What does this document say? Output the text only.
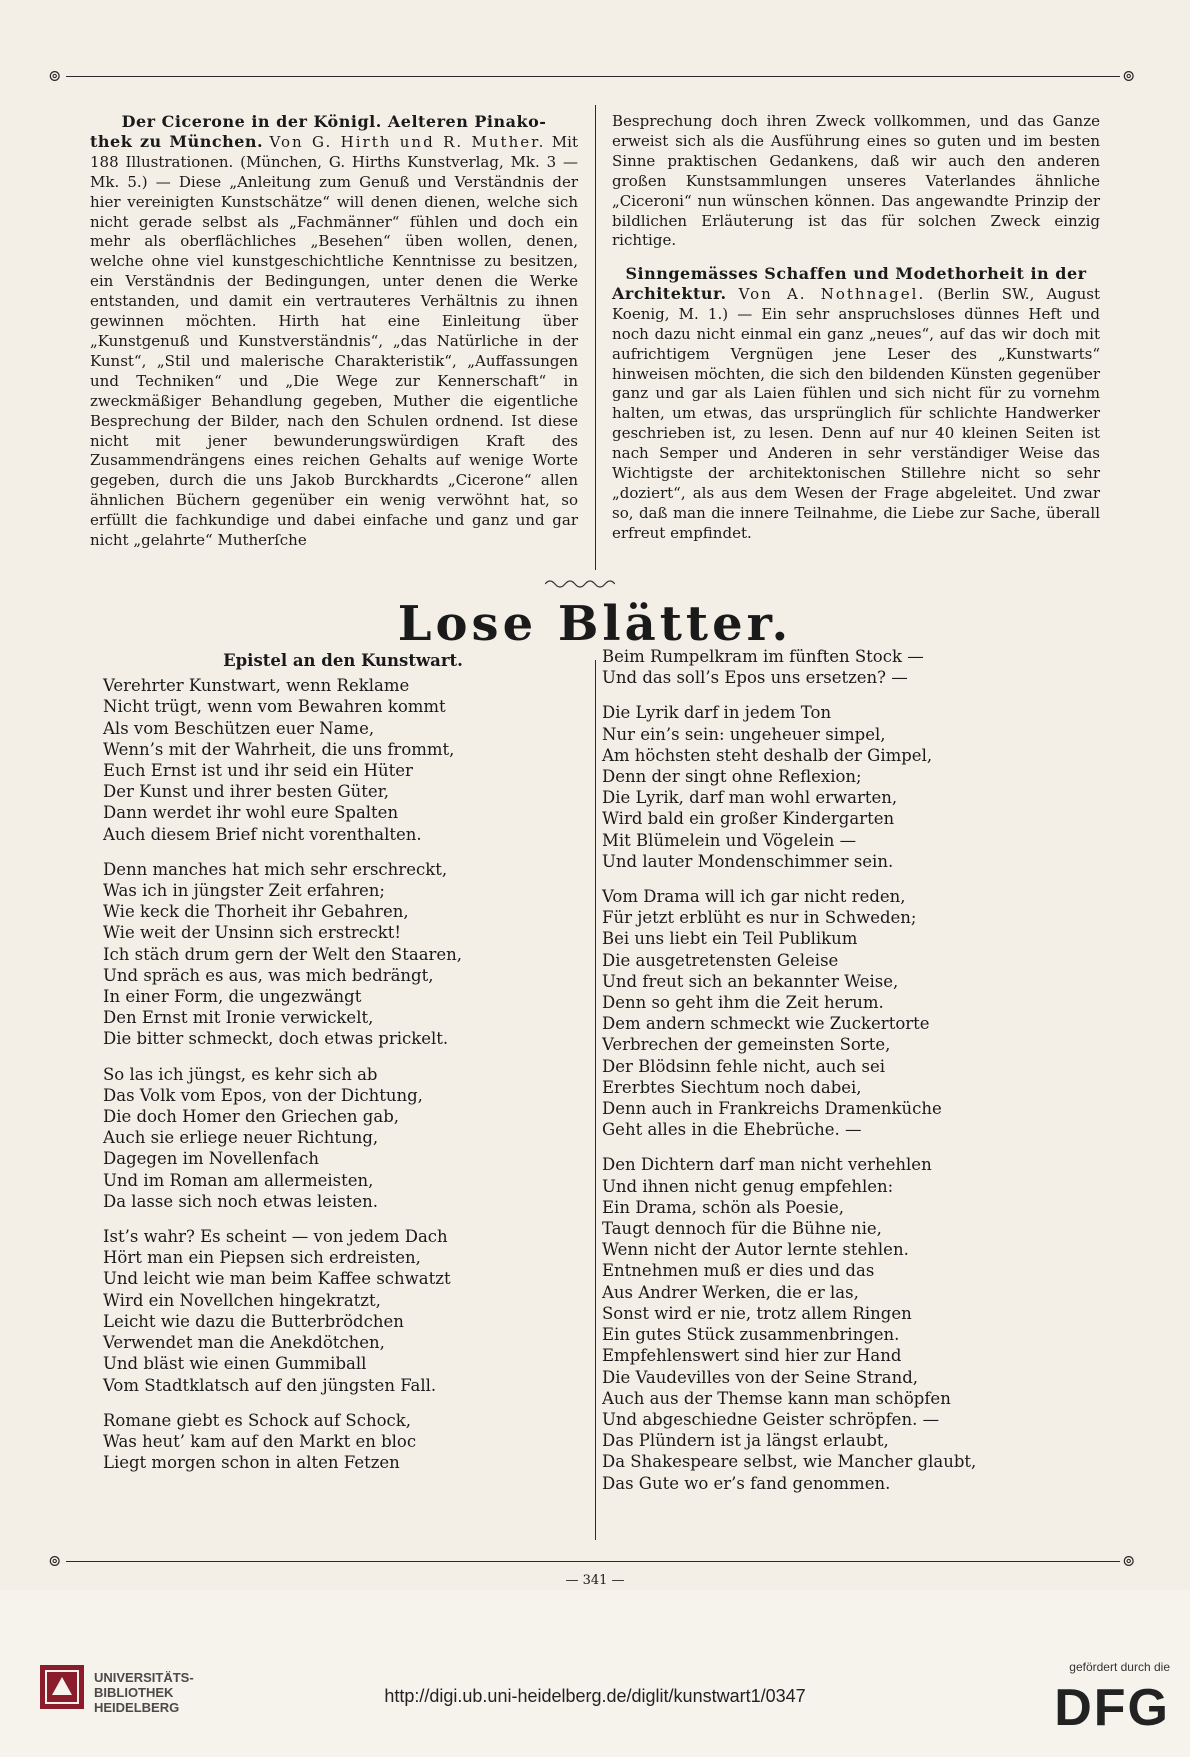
⊚	⊚
Der Cicerone in der Königl. Aelteren Pinako-

thek zu München. Von G. Hirth und R. Muther. Mit 188 Illustrationen. (München, G. Hirths Kunstverlag, Mk. 3 — Mk. 5.) — Diese „Anleitung zum Genuß und Verständnis der hier vereinigten Kunstschätze“ will denen dienen, welche sich nicht gerade selbst als „Fachmänner“ fühlen und doch ein mehr als oberflächliches „Besehen“ üben wollen, denen, welche ohne viel kunstgeschichtliche Kenntnisse zu besitzen, ein Verständnis der Bedingungen, unter denen die Werke entstanden, und damit ein vertrauteres Verhältnis zu ihnen gewinnen möchten. Hirth hat eine Einleitung über „Kunstgenuß und Kunstverständnis“, „das Natürliche in der Kunst“, „Stil und malerische Charakteristik“, „Auffassungen und Techniken“ und „Die Wege zur Kennerschaft“ in zweckmäßiger Behandlung gegeben, Muther die eigentliche Besprechung der Bilder, nach den Schulen ordnend. Ist diese nicht mit jener bewunderungswürdigen Kraft des Zusammendrängens eines reichen Gehalts auf wenige Worte gegeben, durch die uns Jakob Burckhardts „Cicerone“ allen ähnlichen Büchern gegenüber ein wenig verwöhnt hat, so erfüllt die fachkundige und dabei einfache und ganz und gar nicht „gelahrte“ Mutherſche

Besprechung doch ihren Zweck vollkommen, und das Ganze erweist sich als die Ausführung eines so guten und im besten Sinne praktischen Gedankens, daß wir auch den anderen großen Kunstsammlungen unseres Vaterlandes ähnliche „Ciceroni“ nun wünschen können. Das angewandte Prinzip der bildlichen Erläuterung ist das für solchen Zweck einzig richtige.

Sinngemässes Schaffen und Modethorheit in der

Architektur. Von A. Nothnagel. (Berlin SW., August Koenig, M. 1.) — Ein sehr anspruchsloses dünnes Heft und noch dazu nicht einmal ein ganz „neues“, auf das wir doch mit aufrichtigem Vergnügen jene Leser des „Kunstwarts“ hinweisen möchten, die sich den bildenden Künsten gegenüber ganz und gar als Laien fühlen und sich nicht für zu vornehm halten, um etwas, das ursprünglich für schlichte Handwerker geschrieben ist, zu lesen. Denn auf nur 40 kleinen Seiten ist nach Semper und Anderen in sehr verständiger Weise das Wichtigste der architektonischen Stillehre nicht so sehr „doziert“, als aus dem Wesen der Frage abgeleitet. Und zwar so, daß man die innere Teilnahme, die Liebe zur Sache, überall erfreut empfindet.

Lose Blätter.
Epistel an den Kunstwart.
Verehrter Kunstwart, wenn Reklame
Nicht trügt, wenn vom Bewahren kommt
Als vom Beschützen euer Name,
Wenn’s mit der Wahrheit, die uns frommt,
Euch Ernst ist und ihr seid ein Hüter
Der Kunst und ihrer besten Güter,
Dann werdet ihr wohl eure Spalten
Auch diesem Brief nicht vorenthalten.
Denn manches hat mich sehr erschreckt,
Was ich in jüngster Zeit erfahren;
Wie keck die Thorheit ihr Gebahren,
Wie weit der Unsinn sich erstreckt!
Ich stäch drum gern der Welt den Staaren,
Und spräch es aus, was mich bedrängt,
In einer Form, die ungezwängt
Den Ernst mit Ironie verwickelt,
Die bitter schmeckt, doch etwas prickelt.
So las ich jüngst, es kehr sich ab
Das Volk vom Epos, von der Dichtung,
Die doch Homer den Griechen gab,
Auch sie erliege neuer Richtung,
Dagegen im Novellenfach
Und im Roman am allermeisten,
Da lasse sich noch etwas leisten.
Ist’s wahr? Es scheint — von jedem Dach
Hört man ein Piepsen sich erdreisten,
Und leicht wie man beim Kaffee schwatzt
Wird ein Novellchen hingekratzt,
Leicht wie dazu die Butterbrödchen
Verwendet man die Anekdötchen,
Und bläst wie einen Gummiball
Vom Stadtklatsch auf den jüngsten Fall.
Romane giebt es Schock auf Schock,
Was heut’ kam auf den Markt en bloc
Liegt morgen schon in alten Fetzen
Beim Rumpelkram im fünften Stock —
Und das soll’s Epos uns ersetzen? —
Die Lyrik darf in jedem Ton
Nur ein’s sein: ungeheuer simpel,
Am höchsten steht deshalb der Gimpel,
Denn der singt ohne Reflexion;
Die Lyrik, darf man wohl erwarten,
Wird bald ein großer Kindergarten
Mit Blümelein und Vögelein —
Und lauter Mondenschimmer sein.
Vom Drama will ich gar nicht reden,
Für jetzt erblüht es nur in Schweden;
Bei uns liebt ein Teil Publikum
Die ausgetretensten Geleise
Und freut sich an bekannter Weise,
Denn so geht ihm die Zeit herum.
Dem andern schmeckt wie Zuckertorte
Verbrechen der gemeinsten Sorte,
Der Blödsinn fehle nicht, auch sei
Ererbtes Siechtum noch dabei,
Denn auch in Frankreichs Dramenküche
Geht alles in die Ehebrüche. —
Den Dichtern darf man nicht verhehlen
Und ihnen nicht genug empfehlen:
Ein Drama, schön als Poesie,
Taugt dennoch für die Bühne nie,
Wenn nicht der Autor lernte stehlen.
Entnehmen muß er dies und das
Aus Andrer Werken, die er las,
Sonst wird er nie, trotz allem Ringen
Ein gutes Stück zusammenbringen.
Empfehlenswert sind hier zur Hand
Die Vaudevilles von der Seine Strand,
Auch aus der Themse kann man schöpfen
Und abgeschiedne Geister schröpfen. —
Das Plündern ist ja längst erlaubt,
Da Shakespeare selbst, wie Mancher glaubt,
Das Gute wo er’s fand genommen.
⊚	⊚
— 341 —
UNIVERSITÄTS-
BIBLIOTHEK
HEIDELBERG
http://digi.ub.uni-heidelberg.de/diglit/kunstwart1/0347
gefördert durch die
DFG
